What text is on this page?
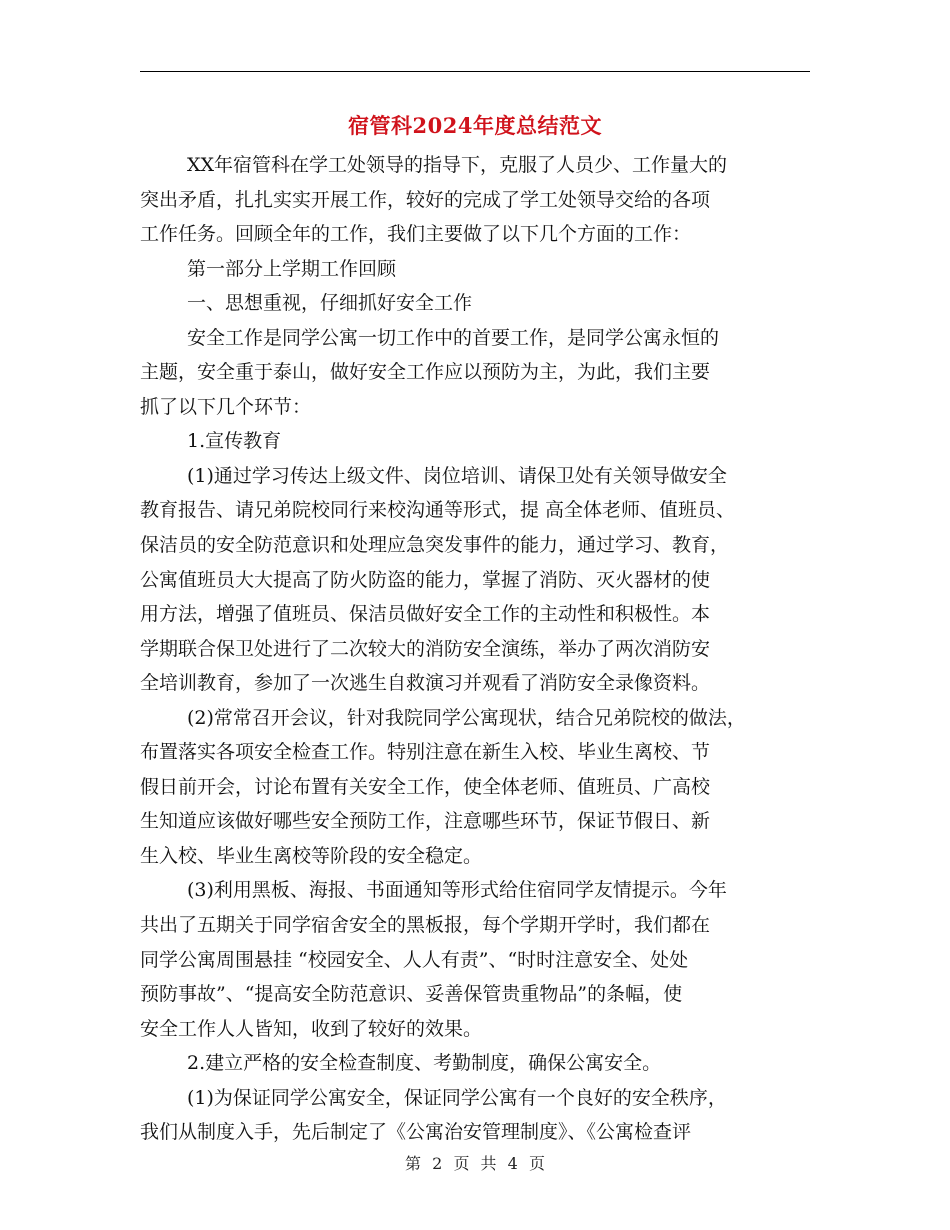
宿管科2024年度总结范文
XX年宿管科在学工处领导的指导下，克服了人员少、工作量大的
突出矛盾，扎扎实实开展工作，较好的完成了学工处领导交给的各项
工作任务。回顾全年的工作，我们主要做了以下几个方面的工作：
第一部分上学期工作回顾
一、思想重视，仔细抓好安全工作
安全工作是同学公寓一切工作中的首要工作，是同学公寓永恒的
主题，安全重于泰山，做好安全工作应以预防为主，为此，我们主要
抓了以下几个环节：
1.宣传教育
(1)通过学习传达上级文件、岗位培训、请保卫处有关领导做安全
教育报告、请兄弟院校同行来校沟通等形式，提 高全体老师、值班员、
保洁员的安全防范意识和处理应急突发事件的能力，通过学习、教育，
公寓值班员大大提高了防火防盗的能力，掌握了消防、灭火器材的使
用方法，增强了值班员、保洁员做好安全工作的主动性和积极性。本
学期联合保卫处进行了二次较大的消防安全演练，举办了两次消防安
全培训教育，参加了一次逃生自救演习并观看了消防安全录像资料。
(2)常常召开会议，针对我院同学公寓现状，结合兄弟院校的做法，
布置落实各项安全检查工作。特别注意在新生入校、毕业生离校、节
假日前开会，讨论布置有关安全工作，使全体老师、值班员、广高校
生知道应该做好哪些安全预防工作，注意哪些环节，保证节假日、新
生入校、毕业生离校等阶段的安全稳定。
(3)利用黑板、海报、书面通知等形式给住宿同学友情提示。今年
共出了五期关于同学宿舍安全的黑板报，每个学期开学时，我们都在
同学公寓周围悬挂 “校园安全、人人有责”、“时时注意安全、处处
预防事故”、“提高安全防范意识、妥善保管贵重物品”的条幅，使
安全工作人人皆知，收到了较好的效果。
2.建立严格的安全检查制度、考勤制度，确保公寓安全。
(1)为保证同学公寓安全，保证同学公寓有一个良好的安全秩序，
我们从制度入手，先后制定了《公寓治安管理制度》、《公寓检查评
第 2 页 共 4 页
